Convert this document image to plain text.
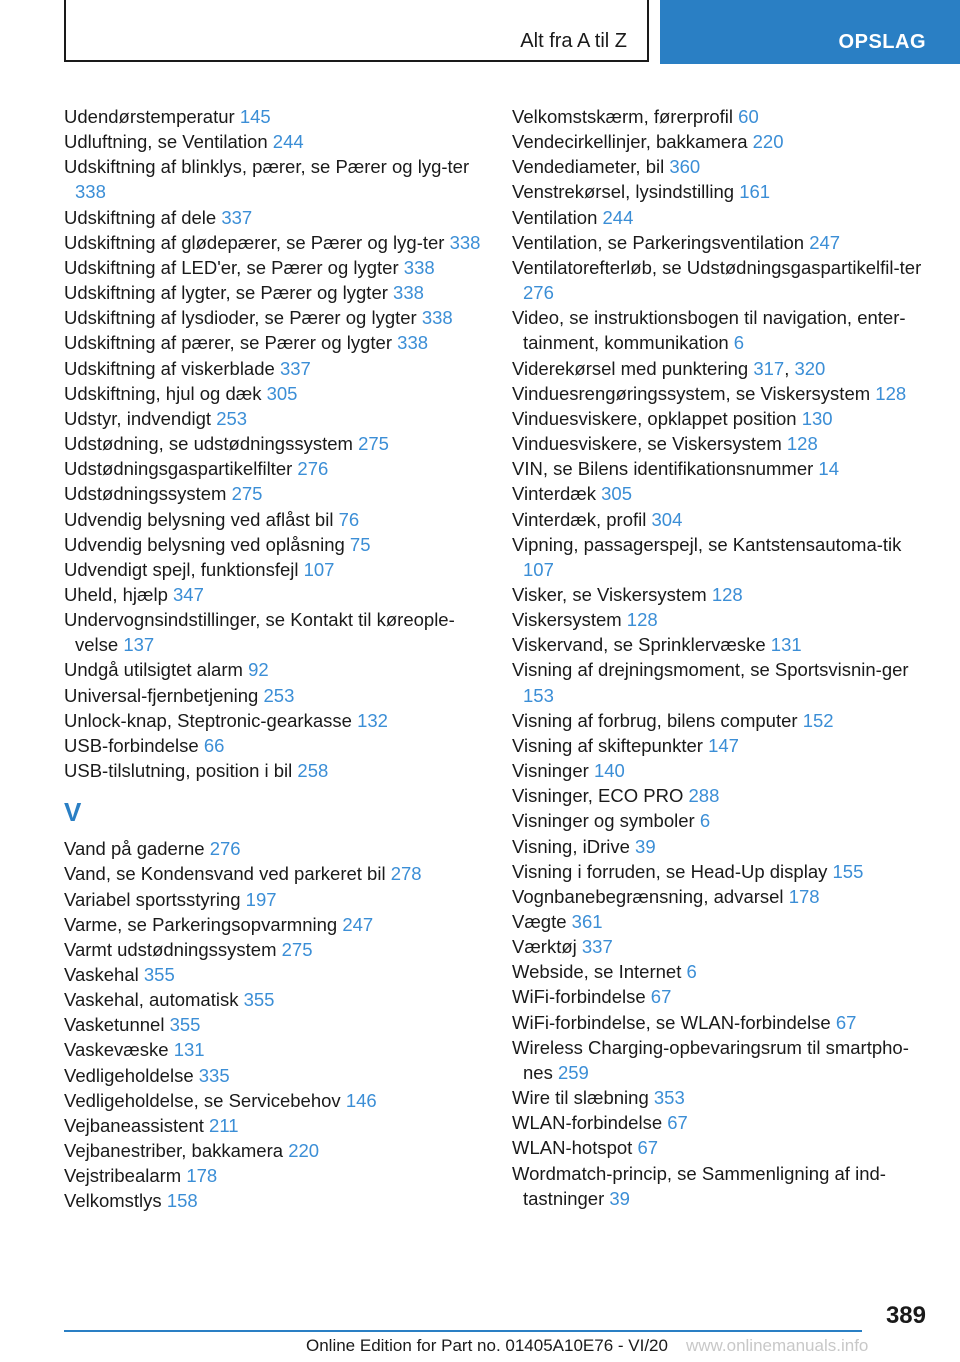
Alt fra A til Z	OPSLAG
Udendørstemperatur 145
Udluftning, se Ventilation 244
Udskiftning af blinklys, pærer, se Pærer og lyg-ter 338
Udskiftning af dele 337
Udskiftning af glødepærer, se Pærer og lyg-ter 338
Udskiftning af LED'er, se Pærer og lygter 338
Udskiftning af lygter, se Pærer og lygter 338
Udskiftning af lysdioder, se Pærer og lygter 338
Udskiftning af pærer, se Pærer og lygter 338
Udskiftning af viskerblade 337
Udskiftning, hjul og dæk 305
Udstyr, indvendigt 253
Udstødning, se udstødningssystem 275
Udstødningsgaspartikelfilter 276
Udstødningssystem 275
Udvendig belysning ved aflåst bil 76
Udvendig belysning ved oplåsning 75
Udvendigt spejl, funktionsfejl 107
Uheld, hjælp 347
Undervognsindstillinger, se Kontakt til køreople-velse 137
Undgå utilsigtet alarm 92
Universal-fjernbetjening 253
Unlock-knap, Steptronic-gearkasse 132
USB-forbindelse 66
USB-tilslutning, position i bil 258
V
Vand på gaderne 276
Vand, se Kondensvand ved parkeret bil 278
Variabel sportsstyring 197
Varme, se Parkeringsopvarmning 247
Varmt udstødningssystem 275
Vaskehal 355
Vaskehal, automatisk 355
Vasketunnel 355
Vaskevæske 131
Vedligeholdelse 335
Vedligeholdelse, se Servicebehov 146
Vejbaneassistent 211
Vejbanestriber, bakkamera 220
Vejstribealarm 178
Velkomstlys 158
Velkomstskærm, førerprofil 60
Vendecirkellinjer, bakkamera 220
Vendediameter, bil 360
Venstrekørsel, lysindstilling 161
Ventilation 244
Ventilation, se Parkeringsventilation 247
Ventilatorefterløb, se Udstødningsgaspartikelfil-ter 276
Video, se instruktionsbogen til navigation, enter-tainment, kommunikation 6
Viderekørsel med punktering 317, 320
Vinduesrengøringssystem, se Viskersystem 128
Vinduesviskere, opklappet position 130
Vinduesviskere, se Viskersystem 128
VIN, se Bilens identifikationsnummer 14
Vinterdæk 305
Vinterdæk, profil 304
Vipning, passagerspejl, se Kantstensautoma-tik 107
Visker, se Viskersystem 128
Viskersystem 128
Viskervand, se Sprinklervæske 131
Visning af drejningsmoment, se Sportsvisnin-ger 153
Visning af forbrug, bilens computer 152
Visning af skiftepunkter 147
Visninger 140
Visninger, ECO PRO 288
Visninger og symboler 6
Visning, iDrive 39
Visning i forruden, se Head-Up display 155
Vognbanebegrænsning, advarsel 178
Vægte 361
Værktøj 337
Webside, se Internet 6
WiFi-forbindelse 67
WiFi-forbindelse, se WLAN-forbindelse 67
Wireless Charging-opbevaringsrum til smartpho-nes 259
Wire til slæbning 353
WLAN-forbindelse 67
WLAN-hotspot 67
Wordmatch-princip, se Sammenligning af ind-tastninger 39
389
Online Edition for Part no. 01405A10E76 - VI/20 www.onlinemanuals.info
